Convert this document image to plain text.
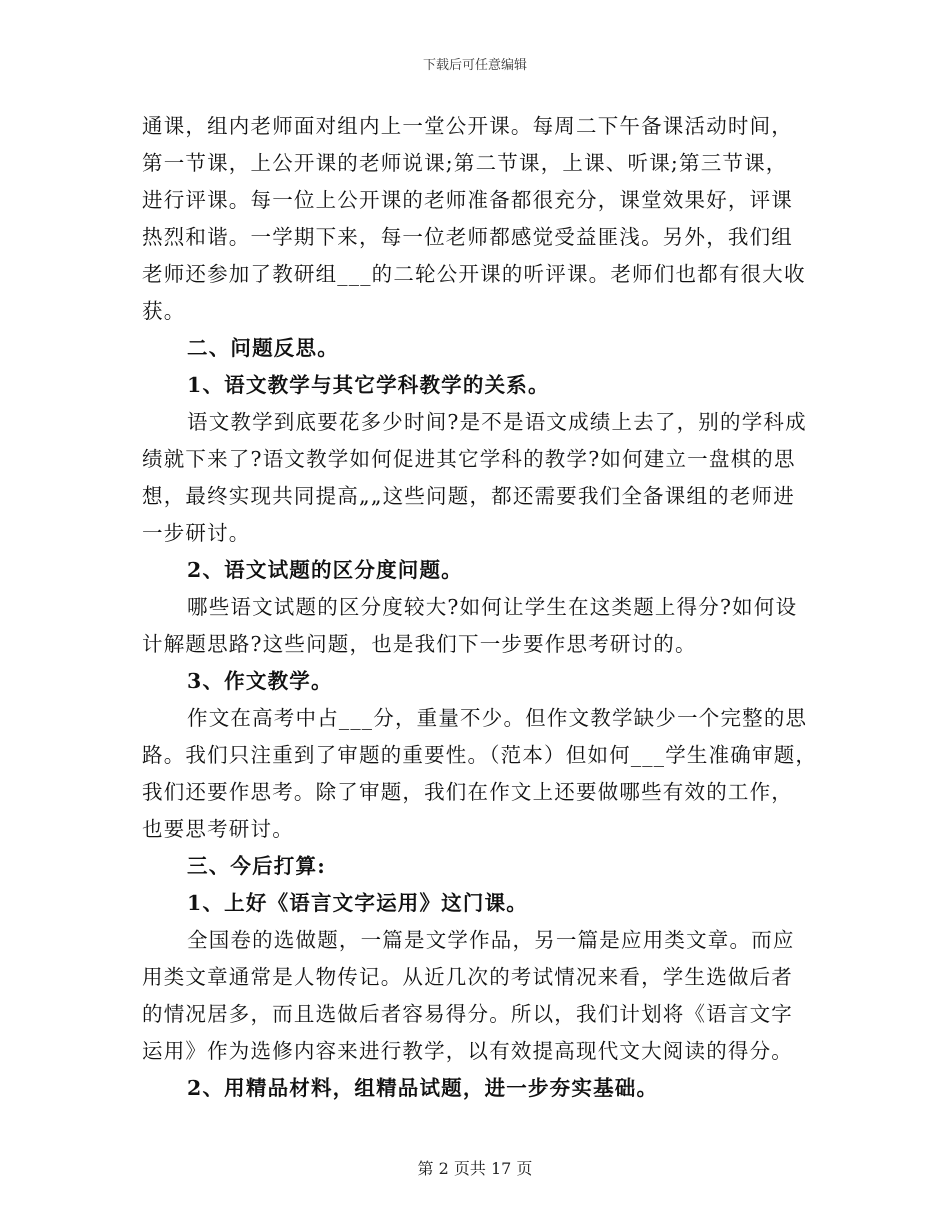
下载后可任意编辑
通课，组内老师面对组内上一堂公开课。每周二下午备课活动时间，
第一节课，上公开课的老师说课;第二节课，上课、听课;第三节课，
进行评课。每一位上公开课的老师准备都很充分，课堂效果好，评课
热烈和谐。一学期下来，每一位老师都感觉受益匪浅。另外，我们组
老师还参加了教研组___的二轮公开课的听评课。老师们也都有很大收
获。
二、问题反思。
1、语文教学与其它学科教学的关系。
语文教学到底要花多少时间?是不是语文成绩上去了，别的学科成
绩就下来了?语文教学如何促进其它学科的教学?如何建立一盘棋的思
想，最终实现共同提高„„这些问题，都还需要我们全备课组的老师进
一步研讨。
2、语文试题的区分度问题。
哪些语文试题的区分度较大?如何让学生在这类题上得分?如何设
计解题思路?这些问题，也是我们下一步要作思考研讨的。
3、作文教学。
作文在高考中占___分，重量不少。但作文教学缺少一个完整的思
路。我们只注重到了审题的重要性。（范本）但如何___学生准确审题，
我们还要作思考。除了审题，我们在作文上还要做哪些有效的工作，
也要思考研讨。
三、今后打算:
1、上好《语言文字运用》这门课。
全国卷的选做题，一篇是文学作品，另一篇是应用类文章。而应
用类文章通常是人物传记。从近几次的考试情况来看，学生选做后者
的情况居多，而且选做后者容易得分。所以，我们计划将《语言文字
运用》作为选修内容来进行教学，以有效提高现代文大阅读的得分。
2、用精品材料，组精品试题，进一步夯实基础。
第 2 页共 17 页
